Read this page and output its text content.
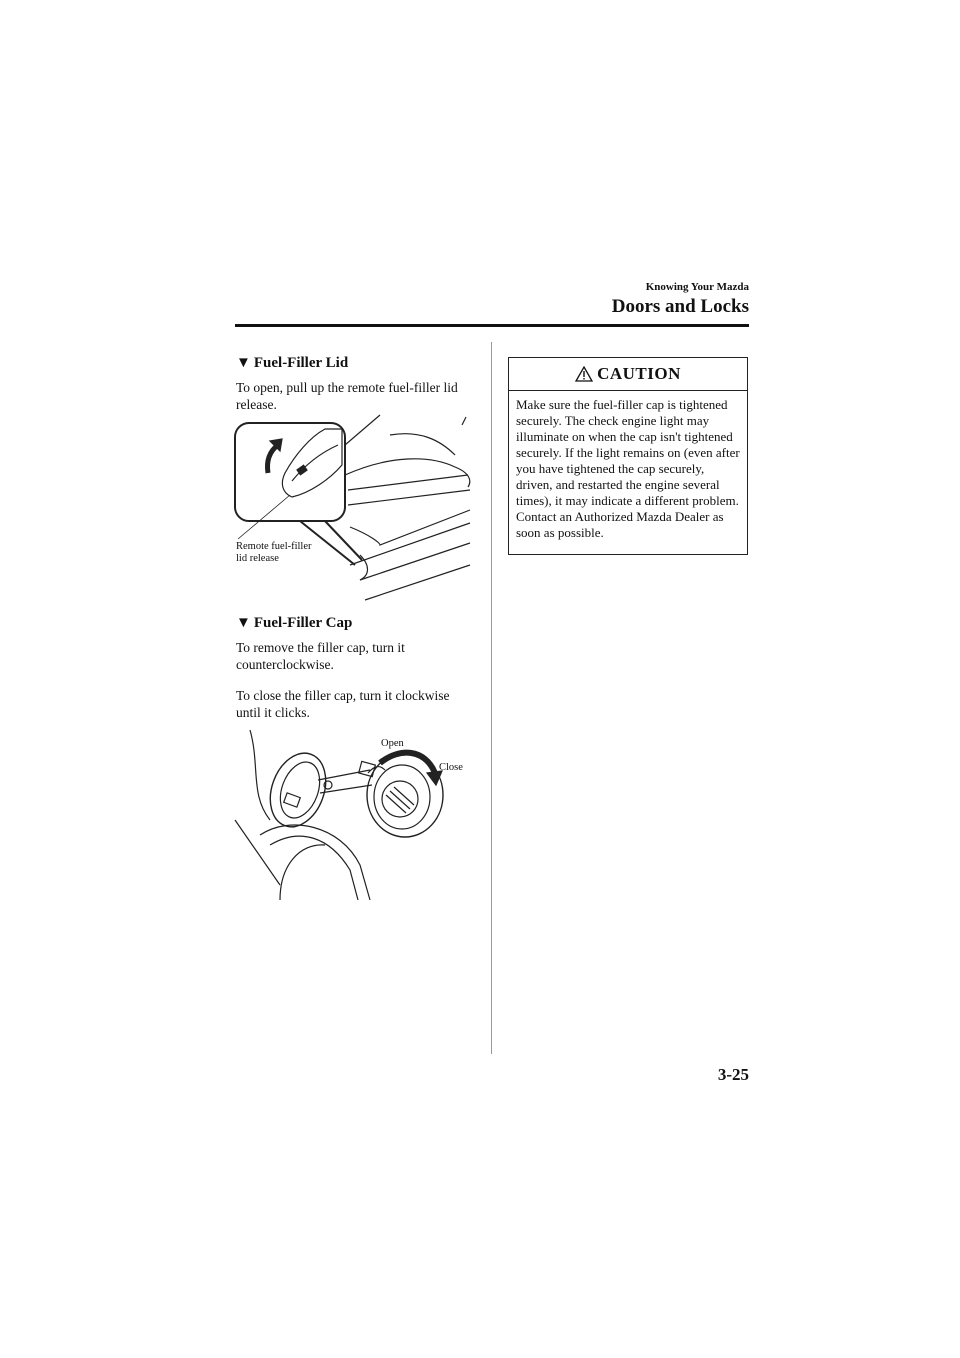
Knowing Your Mazda
Doors and Locks
▼ Fuel-Filler Lid
To open, pull up the remote fuel-filler lid release.
Remote fuel-filler
lid release
▼ Fuel-Filler Cap
To remove the filler cap, turn it counterclockwise.
To close the filler cap, turn it clockwise until it clicks.
Open
Close
CAUTION
Make sure the fuel-filler cap is tightened securely. The check engine light may illuminate on when the cap isn't tightened securely. If the light remains on (even after you have tightened the cap securely, driven, and restarted the engine several times), it may indicate a different problem. Contact an Authorized Mazda Dealer as soon as possible.
3-25
